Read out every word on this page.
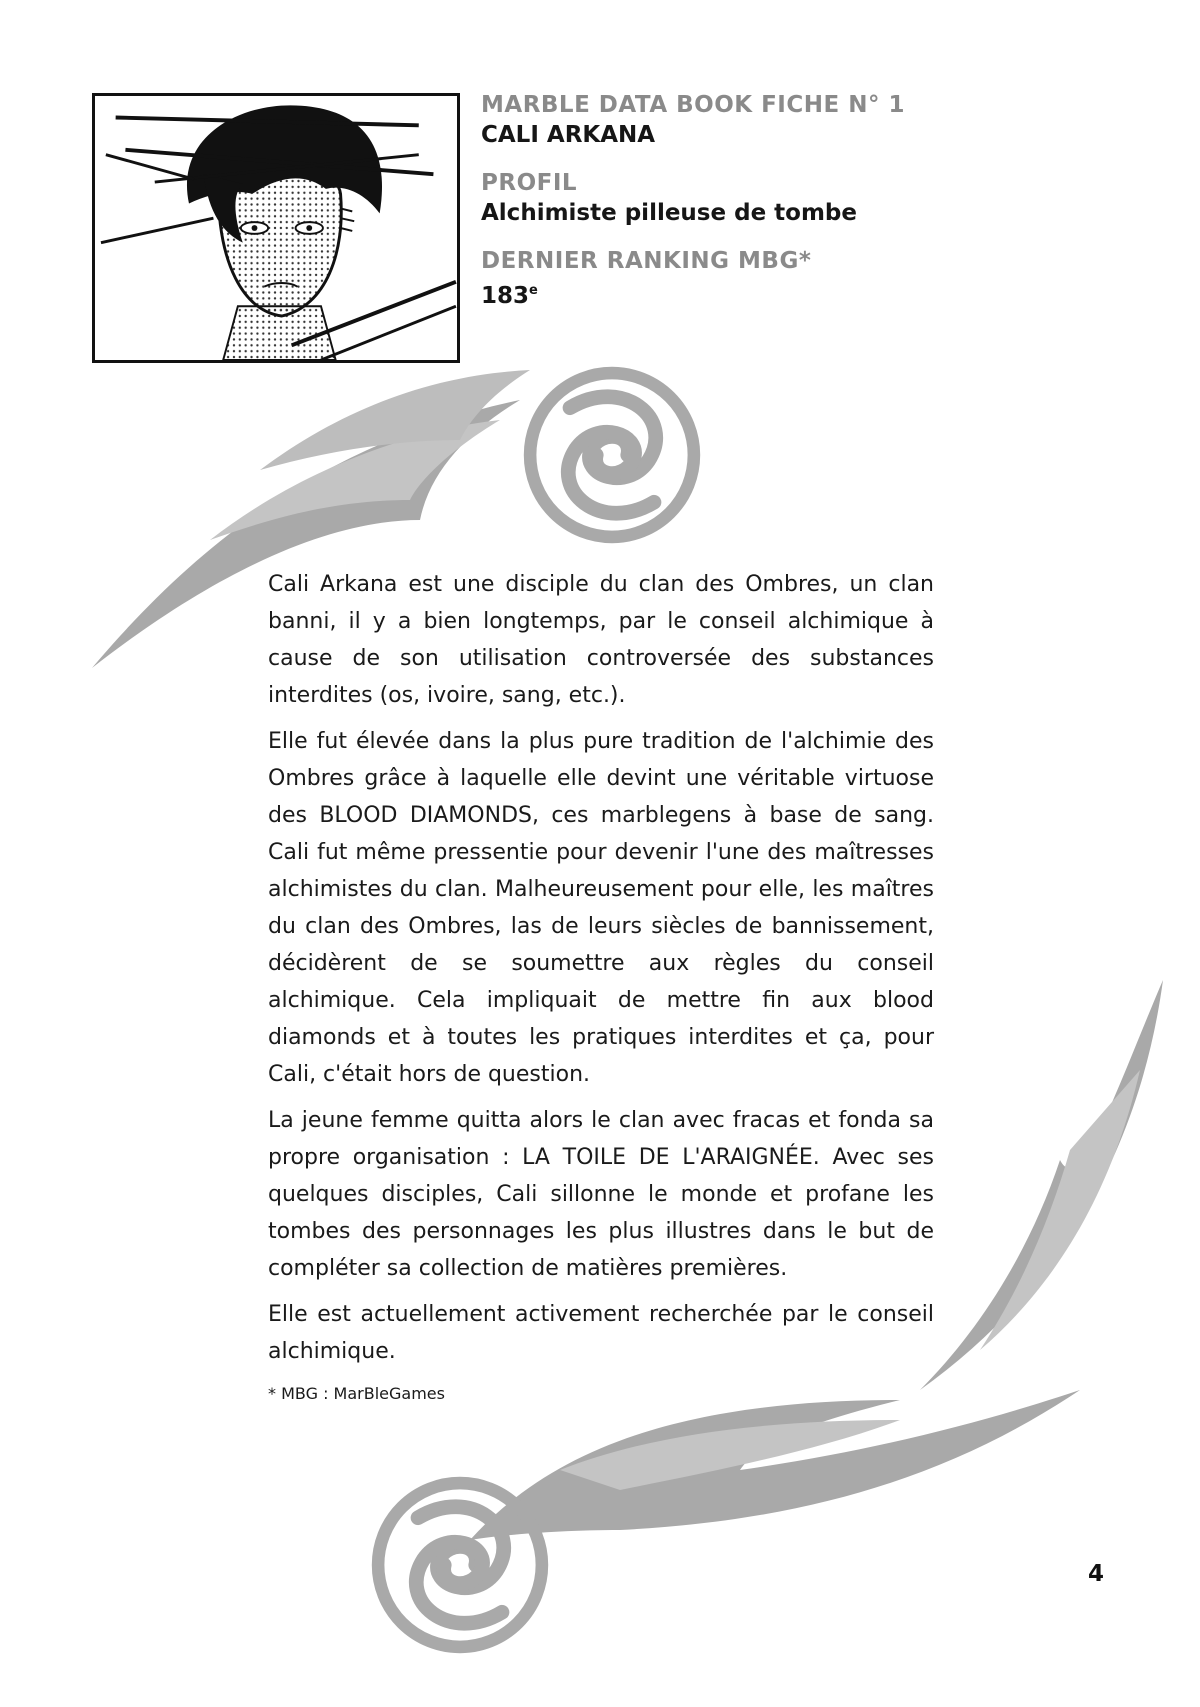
MARBLE DATA BOOK FICHE N° 1

CALI ARKANA

PROFIL

Alchimiste pilleuse de tombe

DERNIER RANKING MBG*

183e

Cali Arkana est une disciple du clan des Ombres, un clan banni, il y a bien longtemps, par le conseil alchimique à cause de son utilisation controversée des substances interdites (os, ivoire, sang, etc.).

Elle fut élevée dans la plus pure tradition de l'alchimie des Ombres grâce à laquelle elle devint une véritable virtuose des BLOOD DIAMONDS, ces marblegens à base de sang. Cali fut même pressentie pour devenir l'une des maîtresses alchimistes du clan. Malheureusement pour elle, les maîtres du clan des Ombres, las de leurs siècles de bannissement, décidèrent de se soumettre aux règles du conseil alchimique. Cela impliquait de mettre fin aux blood diamonds et à toutes les pratiques interdites et ça, pour Cali, c'était hors de question.

La jeune femme quitta alors le clan avec fracas et fonda sa propre organisation : LA TOILE DE L'ARAIGNÉE. Avec ses quelques disciples, Cali sillonne le monde et profane les tombes des personnages les plus illustres dans le but de compléter sa collection de matières premières.

Elle est actuellement activement recherchée par le conseil alchimique.

* MBG : MarBleGames
4
